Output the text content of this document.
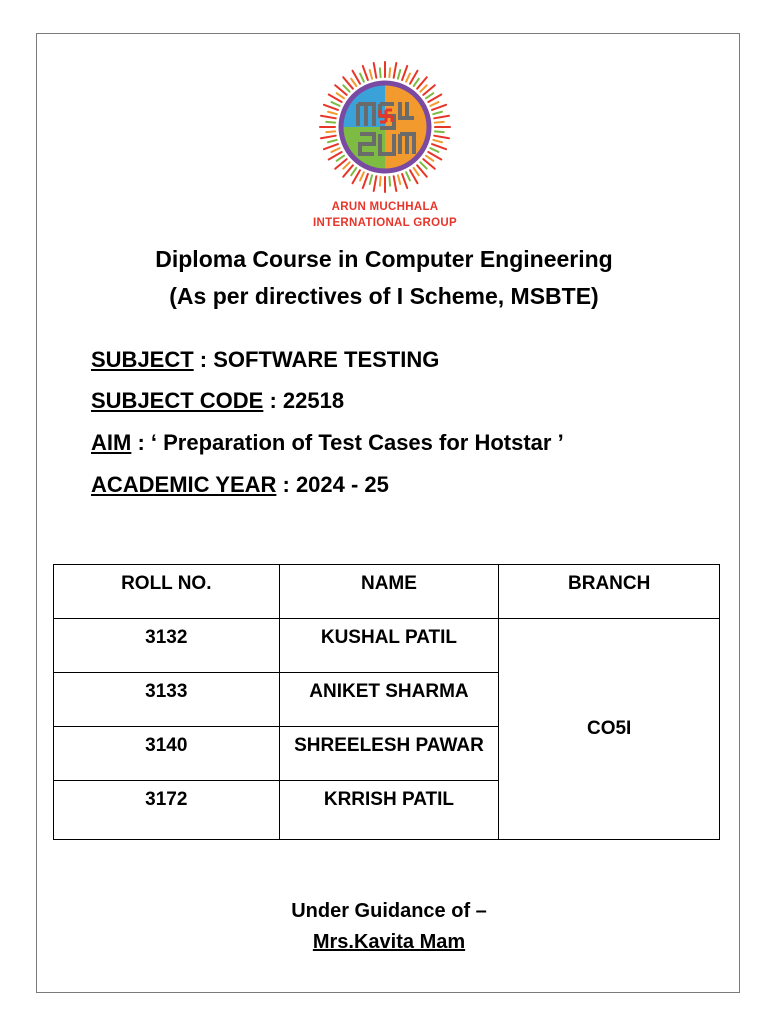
ARUN MUCHHALA
INTERNATIONAL GROUP
Diploma Course in Computer Engineering
(As per directives of I Scheme, MSBTE)
SUBJECT : SOFTWARE TESTING
SUBJECT CODE : 22518
AIM : ‘ Preparation of Test Cases for Hotstar ’
ACADEMIC YEAR : 2024 - 25
ROLL NO.	NAME	BRANCH
3132	KUSHAL PATIL	CO5I
3133	ANIKET SHARMA	
3140	SHREELESH PAWAR	
3172	KRRISH PATIL	
Under Guidance of –
Mrs.Kavita Mam
